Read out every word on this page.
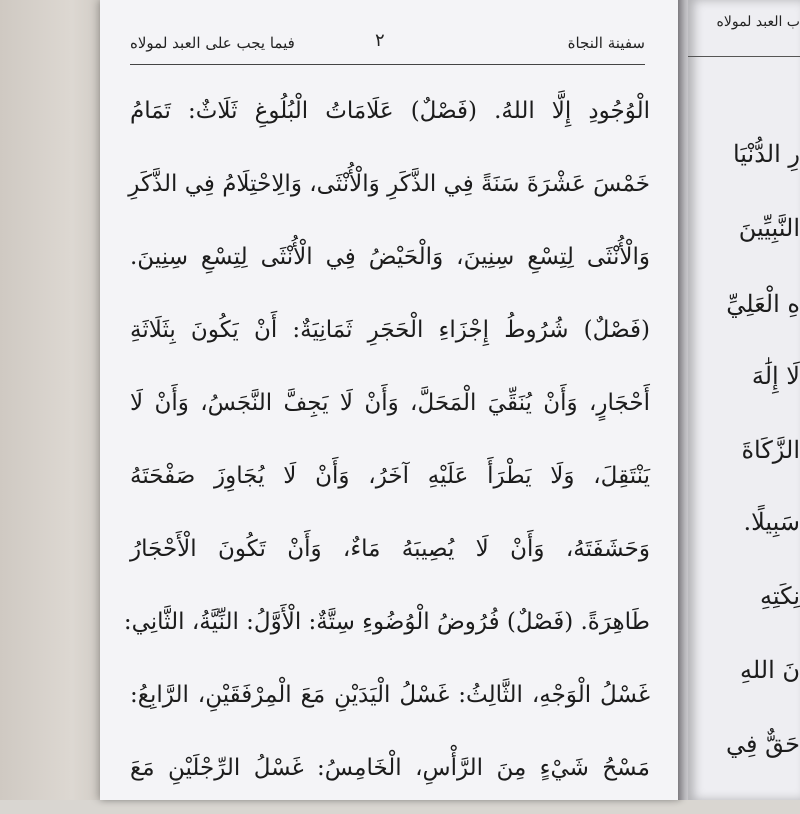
سفينة النجاة
٢
فيما يجب على العبد لمولاه
الْوُجُودِ إِلَّا اللهُ. (فَصْلٌ) عَلَامَاتُ الْبُلُوغِ ثَلَاثٌ: تَمَامُ
خَمْسَ عَشْرَةَ سَنَةً فِي الذَّكَرِ وَالْأُنْثَى، وَالِاحْتِلَامُ فِي الذَّكَرِ
وَالْأُنْثَى لِتِسْعِ سِنِينَ، وَالْحَيْضُ فِي الْأُنْثَى لِتِسْعِ سِنِينَ.
(فَصْلٌ) شُرُوطُ إِجْزَاءِ الْحَجَرِ ثَمَانِيَةٌ: أَنْ يَكُونَ بِثَلَاثَةِ
أَحْجَارٍ، وَأَنْ يُنَقِّيَ الْمَحَلَّ، وَأَنْ لَا يَجِفَّ النَّجَسُ، وَأَنْ لَا
يَنْتَقِلَ، وَلَا يَطْرَأَ عَلَيْهِ آخَرُ، وَأَنْ لَا يُجَاوِزَ صَفْحَتَهُ
وَحَشَفَتَهُ، وَأَنْ لَا يُصِيبَهُ مَاءٌ، وَأَنْ تَكُونَ الْأَحْجَارُ
طَاهِرَةً. (فَصْلٌ) فُرُوضُ الْوُضُوءِ سِتَّةٌ: الْأَوَّلُ: النِّيَّةُ، الثَّانِي:
غَسْلُ الْوَجْهِ، الثَّالِثُ: غَسْلُ الْيَدَيْنِ مَعَ الْمِرْفَقَيْنِ، الرَّابِعُ:
مَسْحُ شَيْءٍ مِنَ الرَّأْسِ، الْخَامِسُ: غَسْلُ الرِّجْلَيْنِ مَعَ
ب العبد لمولاه
رِ الدُّنْيَا
النَّبِيِّينَ
هِ الْعَلِيِّ
لَا إِلَٰهَ
الزَّكَاةَ
سَبِيلًا.
نِكَتِهِ
نَ اللهِ
حَقٌّ فِي
